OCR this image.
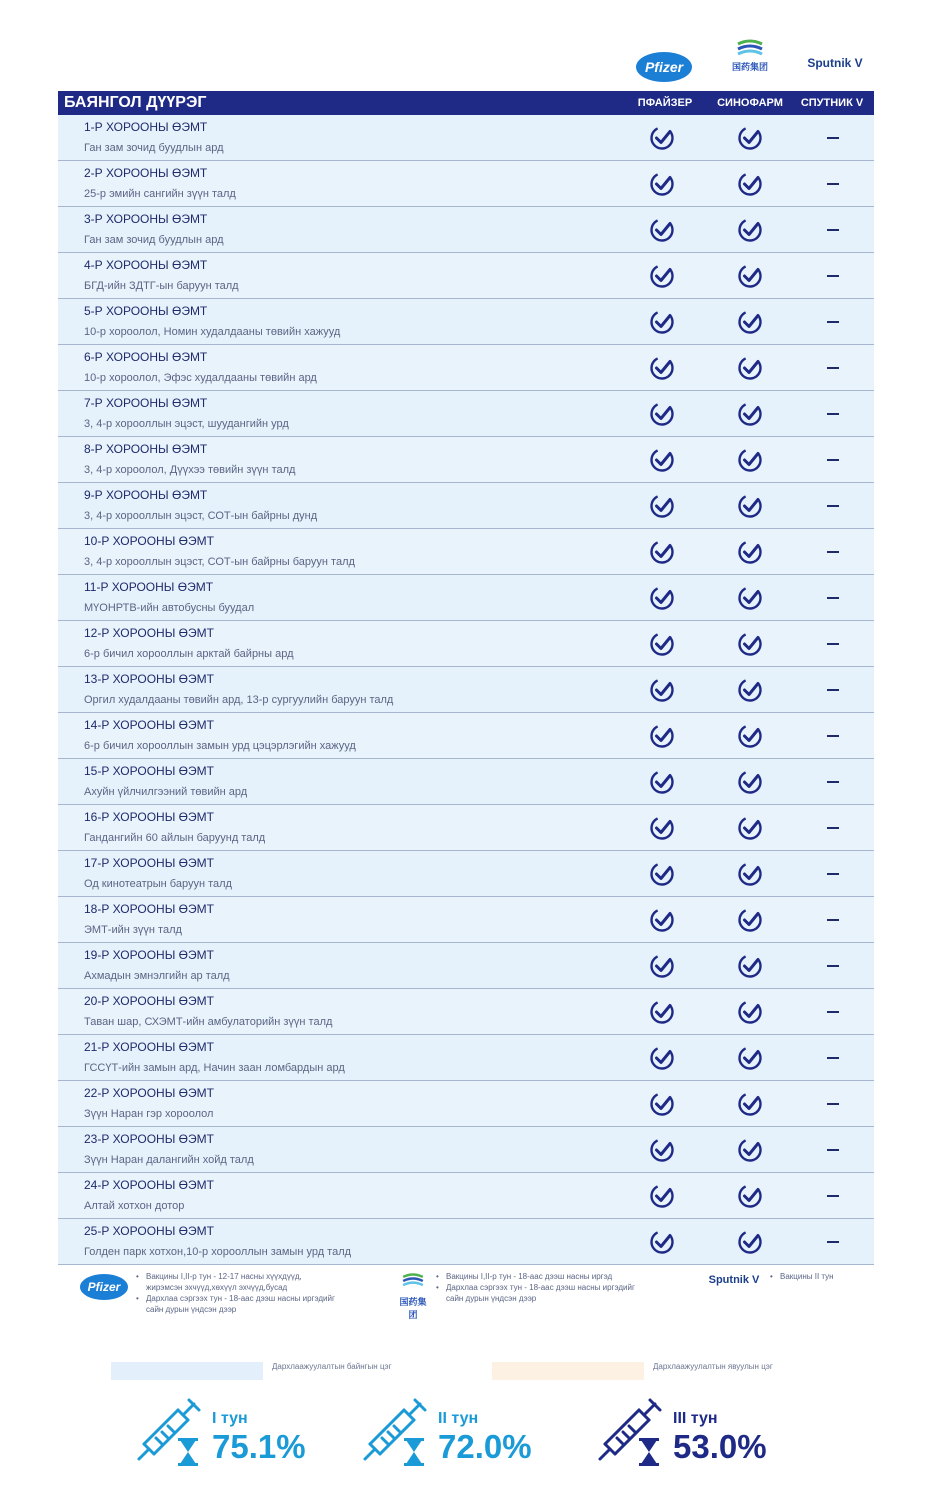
Pfizer	国药集团	Sputnik V
БАЯНГОЛ ДҮҮРЭГ	ПФАЙЗЕР	СИНОФАРМ	СПУТНИК V
1-Р ХОРООНЫ ӨЭМТ
Ган зам зочид буудлын ард
2-Р ХОРООНЫ ӨЭМТ
25-р эмийн сангийн зүүн талд
3-Р ХОРООНЫ ӨЭМТ
Ган зам зочид буудлын ард
4-Р ХОРООНЫ ӨЭМТ
БГД-ийн ЗДТГ-ын баруун талд
5-Р ХОРООНЫ ӨЭМТ
10-р хороолол, Номин худалдааны төвийн хажууд
6-Р ХОРООНЫ ӨЭМТ
10-р хороолол, Эфэс худалдааны төвийн ард
7-Р ХОРООНЫ ӨЭМТ
3, 4-р хорооллын эцэст, шуудангийн урд
8-Р ХОРООНЫ ӨЭМТ
3, 4-р хороолол, Дүүхээ төвийн зүүн талд
9-Р ХОРООНЫ ӨЭМТ
3, 4-р хорооллын эцэст, СОТ-ын байрны дунд
10-Р ХОРООНЫ ӨЭМТ
3, 4-р хорооллын эцэст, СОТ-ын байрны баруун талд
11-Р ХОРООНЫ ӨЭМТ
МҮОНРТВ-ийн автобусны буудал
12-Р ХОРООНЫ ӨЭМТ
6-р бичил хорооллын арктай байрны ард
13-Р ХОРООНЫ ӨЭМТ
Оргил худалдааны төвийн ард, 13-р сургуулийн баруун талд
14-Р ХОРООНЫ ӨЭМТ
6-р бичил хорооллын замын урд цэцэрлэгийн хажууд
15-Р ХОРООНЫ ӨЭМТ
Ахуйн үйлчилгээний төвийн ард
16-Р ХОРООНЫ ӨЭМТ
Гандангийн 60 айлын баруунд талд
17-Р ХОРООНЫ ӨЭМТ
Од кинотеатрын баруун талд
18-Р ХОРООНЫ ӨЭМТ
ЭМТ-ийн зүүн талд
19-Р ХОРООНЫ ӨЭМТ
Ахмадын эмнэлгийн ар талд
20-Р ХОРООНЫ ӨЭМТ
Таван шар, СХЭМТ-ийн амбулаторийн зүүн талд
21-Р ХОРООНЫ ӨЭМТ
ГССҮТ-ийн замын ард, Начин заан ломбардын ард
22-Р ХОРООНЫ ӨЭМТ
Зүүн Наран гэр хороолол
23-Р ХОРООНЫ ӨЭМТ
Зүүн Наран далангийн хойд талд
24-Р ХОРООНЫ ӨЭМТ
Алтай хотхон дотор
25-Р ХОРООНЫ ӨЭМТ
Голден парк хотхон,10-р хорооллын замын урд талд
Pfizer
• Вакцины I,II-р тун - 12-17 насны хүүхдүүд, жирэмсэн эхчүүд,хөхүүл эхчүүд,бусад
• Дархлаа сэргээх тун - 18-аас дээш насны иргэдийг сайн дурын үндсэн дээр
国药集团
• Вакцины I,II-р тун - 18-аас дээш насны иргэд
• Дархлаа сэргээх тун - 18-аас дээш насны иргэдийг сайн дурын үндсэн дээр
Sputnik V
•	Вакцины II тун
Дархлаажуулалтын байнгын цэг	Дархлаажуулалтын явуулын цэг
I тун
75.1%
II тун
72.0%
III тун
53.0%
